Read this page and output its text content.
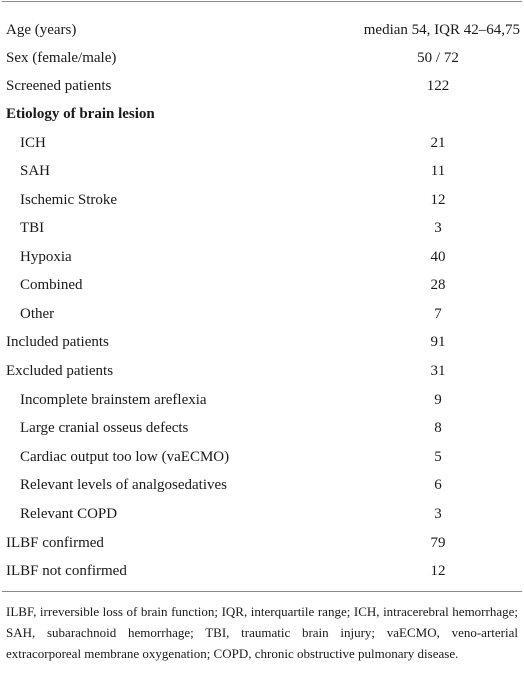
Age (years)	median 54, IQR 42–64,75
Sex (female/male)	50 / 72
Screened patients	122
Etiology of brain lesion
ICH	21
SAH	11
Ischemic Stroke	12
TBI	3
Hypoxia	40
Combined	28
Other	7
Included patients	91
Excluded patients	31
Incomplete brainstem areflexia	9
Large cranial osseus defects	8
Cardiac output too low (vaECMO)	5
Relevant levels of analgosedatives	6
Relevant COPD	3
ILBF confirmed	79
ILBF not confirmed	12
ILBF, irreversible loss of brain function; IQR, interquartile range; ICH, intracerebral hemorrhage; SAH, subarachnoid hemorrhage; TBI, traumatic brain injury; vaECMO, veno-arterial extracorporeal membrane oxygenation; COPD, chronic obstructive pulmonary disease.
